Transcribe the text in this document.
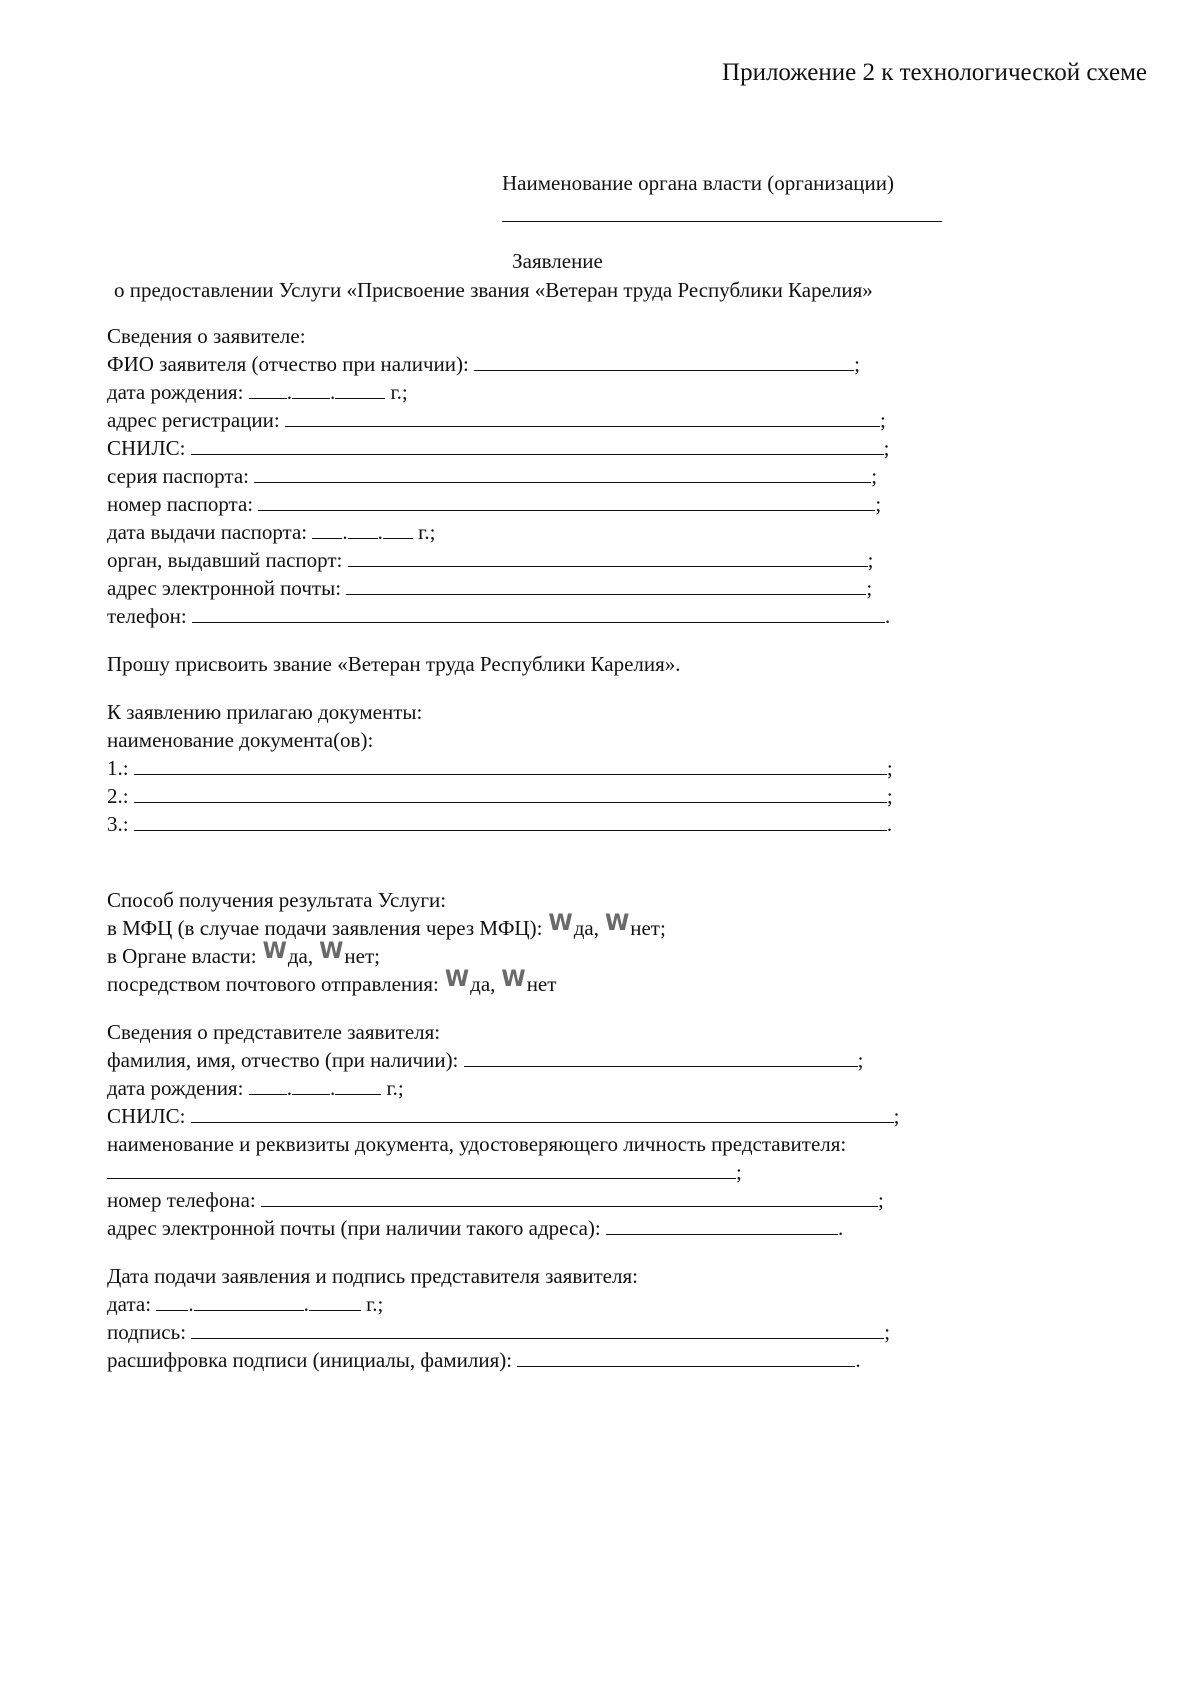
Приложение 2 к технологической схеме
Наименование органа власти (организации)
Заявление
о предоставлении Услуги «Присвоение звания «Ветеран труда Республики Карелия»
Сведения о заявителе:
ФИО заявителя (отчество при наличии):	;
дата рождения: . .	г.;
адрес регистрации:	;
СНИЛС:	;
серия паспорта:	;
номер паспорта:	;
дата выдачи паспорта: . . г.;
орган, выдавший паспорт:	;
адрес электронной почты:	;
телефон:	.
Прошу присвоить звание «Ветеран труда Республики Карелия».
К заявлению прилагаю документы:
наименование документа(ов):
1.:	;
2.:	;
3.:	.
Способ получения результата Услуги:
в МФЦ (в случае подачи заявления через МФЦ): W да, W нет;
в Органе власти: W да, W нет;
посредством почтового отправления: W да, W нет
Сведения о представителе заявителя:
фамилия, имя, отчество (при наличии):	;
дата рождения: . . г.;
СНИЛС:	;
наименование и реквизиты документа, удостоверяющего личность представителя:
;
номер телефона:	;
адрес электронной почты (при наличии такого адреса):	.
Дата подачи заявления и подпись представителя заявителя:
дата: .	.	г.;
подпись:	;
расшифровка подписи (инициалы, фамилия):	.
